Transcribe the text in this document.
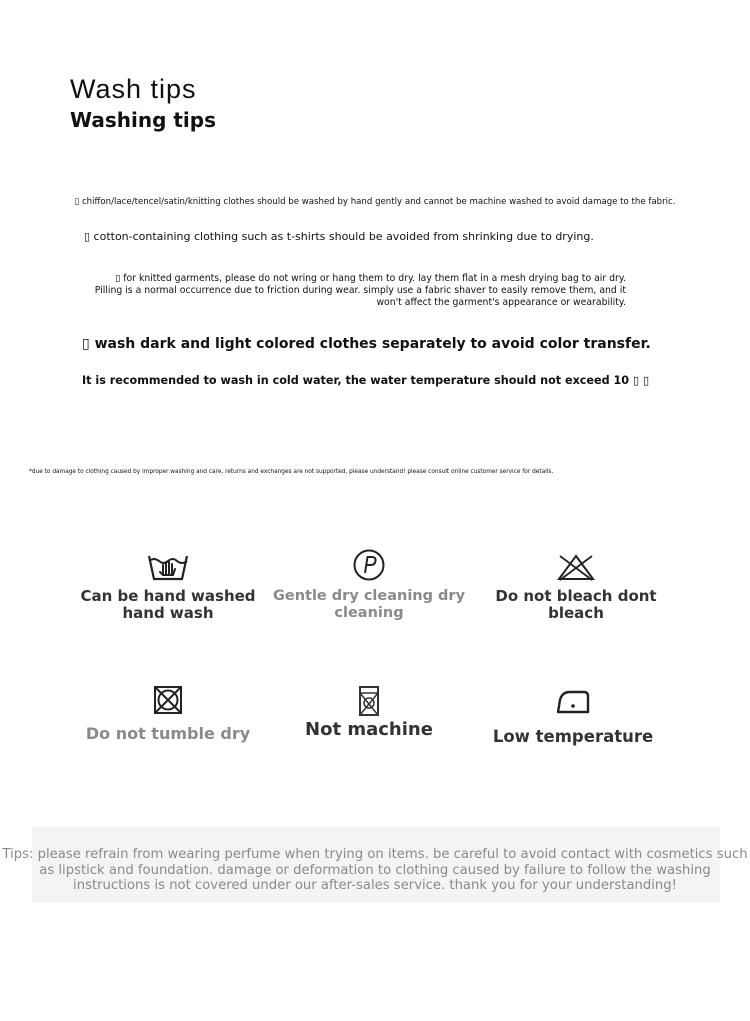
Wash tips
Washing tips
▯ chiffon/lace/tencel/satin/knitting clothes should be washed by hand gently and cannot be machine washed to avoid damage to the fabric.
▯ cotton-containing clothing such as t-shirts should be avoided from shrinking due to drying.
▯ for knitted garments, please do not wring or hang them to dry. lay them flat in a mesh drying bag to air dry. Pilling is a normal occurrence due to friction during wear. simply use a fabric shaver to easily remove them, and it won't affect the garment's appearance or wearability.
▯ wash dark and light colored clothes separately to avoid color transfer.
It is recommended to wash in cold water, the water temperature should not exceed 10 ▯ ▯
*due to damage to clothing caused by improper washing and care, returns and exchanges are not supported, please understand! please consult online customer service for details.
Can be hand washed hand wash
Gentle dry cleaning dry cleaning
Do not bleach dont bleach
Do not tumble dry	Not machine	Low temperature
Tips: please refrain from wearing perfume when trying on items. be careful to avoid contact with cosmetics such as lipstick and foundation. damage or deformation to clothing caused by failure to follow the washing instructions is not covered under our after-sales service. thank you for your understanding!
